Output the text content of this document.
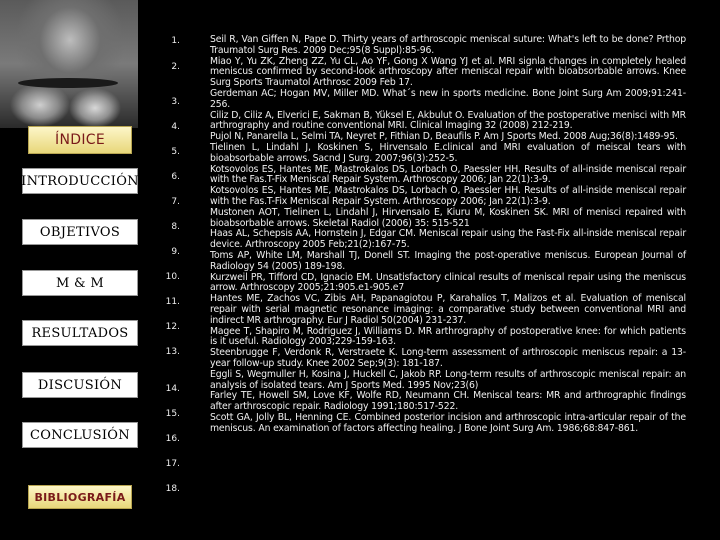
ÍNDICE
INTRODUCCIÓN
OBJETIVOS
M & M
RESULTADOS
DISCUSIÓN
CONCLUSIÓN
BIBLIOGRAFÍA
1.
2.
3.
4.
5.
6.
7.
8.
9.
10.
11.
12.
13.
14.
15.
16.
17.
18.

Seil R, Van Giffen N, Pape D. Thirty years of arthroscopic meniscal suture: What's left to be done? Prthop Traumatol Surg Res. 2009 Dec;95(8 Suppl):85-96.

Miao Y, Yu ZK, Zheng ZZ, Yu CL, Ao YF, Gong X Wang YJ et al. MRI signla changes in completely healed meniscus confirmed by second-look arthroscopy after meniscal repair with bioabsorbable arrows. Knee Surg Sports Traumatol Arthrosc 2009 Feb 17.

Gerdeman AC; Hogan MV, Miller MD. What´s new in sports medicine. Bone Joint Surg Am 2009;91:241-256.

Ciliz D, Ciliz A, Elverici E, Sakman B, Yüksel E, Akbulut O. Evaluation of the postoperative menisci with MR arthrography and routine conventional MRI. Clinical Imaging 32 (2008) 212-219.

Pujol N, Panarella L, Selmi TA, Neyret P, Fithian D, Beaufils P. Am J Sports Med. 2008 Aug;36(8):1489-95.

Tielinen L, Lindahl J, Koskinen S, Hirvensalo E.clinical and MRI evaluation of meiscal tears with bioabsorbable arrows. Sacnd J Surg. 2007;96(3):252-5.

Kotsovolos ES, Hantes ME, Mastrokalos DS, Lorbach O, Paessler HH. Results of all-inside meniscal repair with the Fas.T-Fix Meniscal Repair System. Arthroscopy 2006; Jan 22(1):3-9.

Kotsovolos ES, Hantes ME, Mastrokalos DS, Lorbach O, Paessler HH. Results of all-inside meniscal repair with the Fas.T-Fix Meniscal Repair System. Arthroscopy 2006; Jan 22(1):3-9.

Mustonen AOT, Tielinen L, Lindahl J, Hirvensalo E, Kiuru M, Koskinen SK. MRI of menisci repaired with bioabsorbable arrows. Skeletal Radiol (2006) 35: 515-521

Haas AL, Schepsis AA, Hornstein J, Edgar CM. Meniscal repair using the Fast-Fix all-inside meniscal repair device. Arthroscopy 2005 Feb;21(2):167-75.

Toms AP, White LM, Marshall TJ, Donell ST. Imaging the post-operative meniscus. European Journal of Radiology 54 (2005) 189-198.

Kurzweil PR, Tifford CD, Ignacio EM. Unsatisfactory clinical results of meniscal repair using the meniscus arrow. Arthroscopy 2005;21:905.e1-905.e7

Hantes ME, Zachos VC, Zibis AH, Papanagiotou P, Karahalios T, Malizos et al. Evaluation of meniscal repair with serial magnetic resonance imaging: a comparative study between conventional MRI and indirect MR arthrography. Eur J Radiol 50(2004) 231-237.

Magee T, Shapiro M, Rodriguez J, Williams D. MR arthrography of postoperative knee: for which patients is it useful. Radiology 2003;229-159-163.

Steenbrugge F, Verdonk R, Verstraete K. Long-term assessment of arthroscopic meniscus repair: a 13-year follow-up study. Knee 2002 Sep;9(3): 181-187.

Eggli S, Wegmuller H, Kosina J, Huckell C, Jakob RP. Long-term results of arthroscopic meniscal repair: an analysis of isolated tears. Am J Sports Med. 1995 Nov;23(6)

Farley TE, Howell SM, Love KF, Wolfe RD, Neumann CH. Meniscal tears: MR and arthrographic findings after arthroscopic repair. Radiology 1991;180:517-522.

Scott GA, Jolly BL, Henning CE. Combined posterior incision and arthroscopic intra-articular repair of the meniscus. An examination of factors affecting healing. J Bone Joint Surg Am. 1986;68:847-861.
